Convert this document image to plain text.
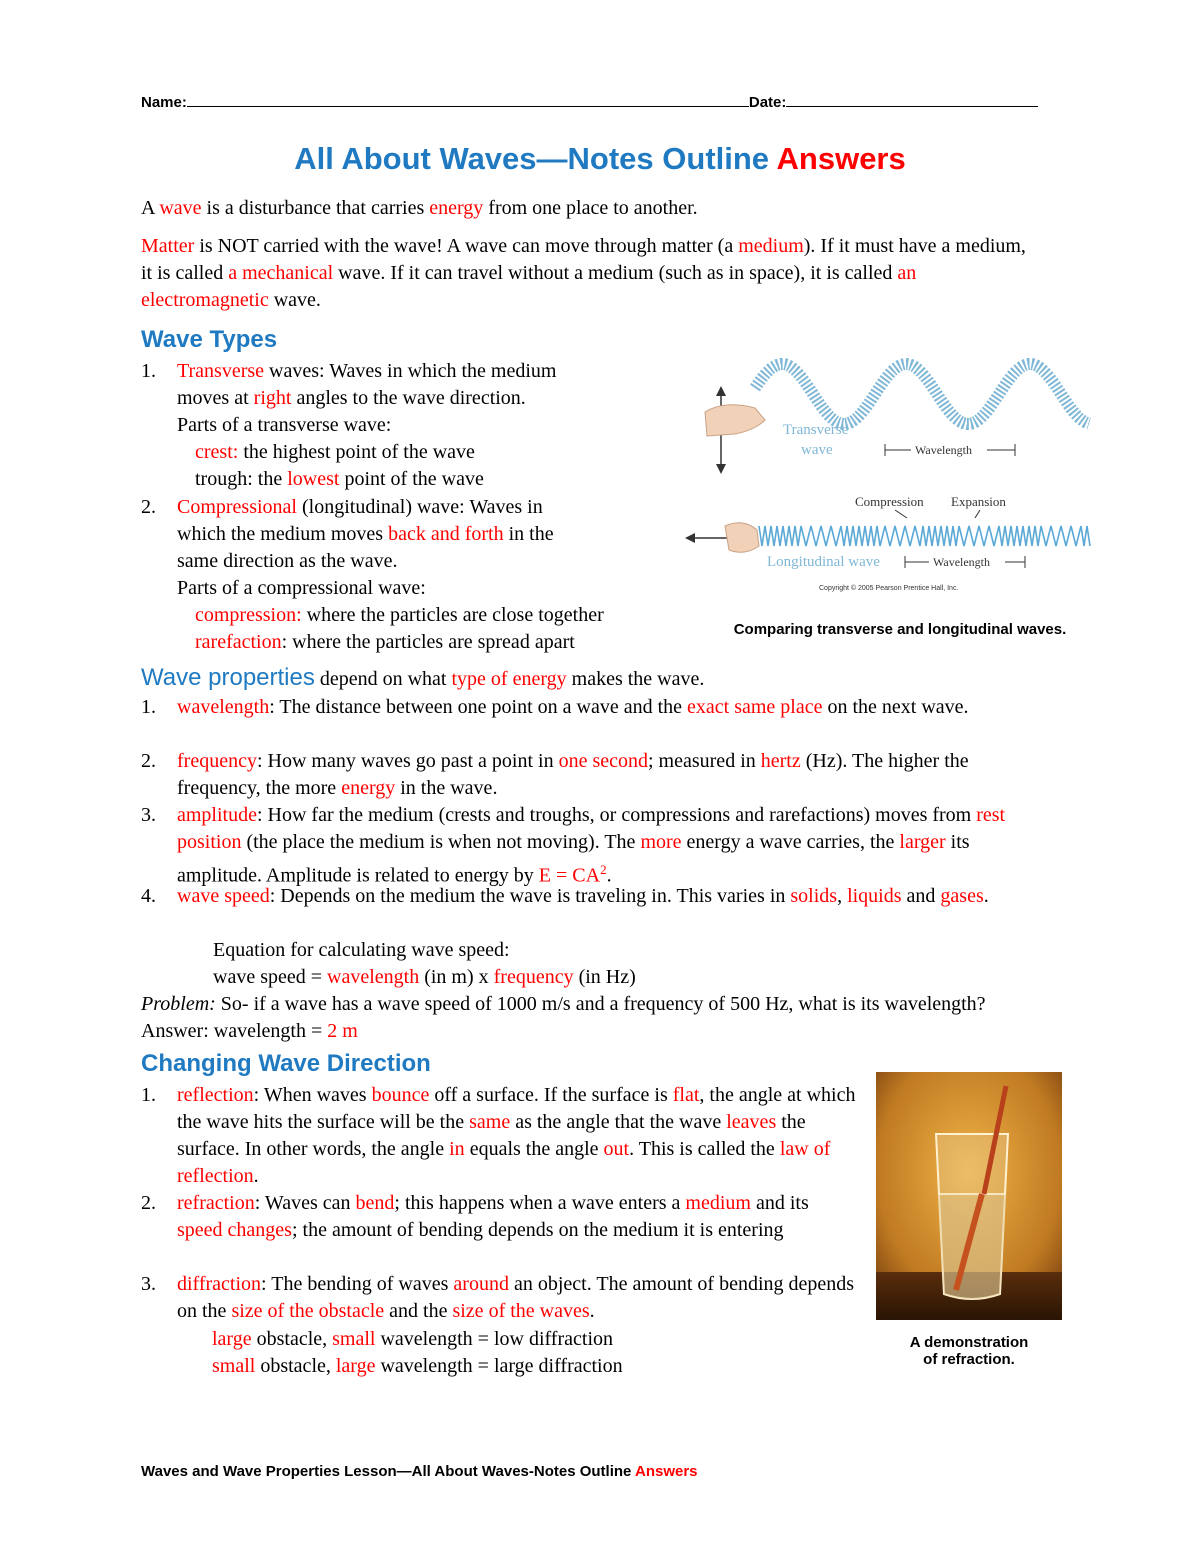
Name:	Date:
All About Waves—Notes Outline Answers

A wave is a disturbance that carries energy from one place to another.

Matter is NOT carried with the wave! A wave can move through matter (a medium). If it must have a medium, it is called a mechanical wave. If it can travel without a medium (such as in space), it is called an electromagnetic wave.

Wave Types
1. Transverse waves: Waves in which the medium
moves at right angles to the wave direction.
Parts of a transverse wave:
crest: the highest point of the wave
trough: the lowest point of the wave
2. Compressional (longitudinal) wave: Waves in
which the medium moves back and forth in the
same direction as the wave.
Parts of a compressional wave:
compression: where the particles are close together
rarefaction: where the particles are spread apart
Transverse
wave	Wavelength
Compression Expansion
Longitudinal wave	Wavelength
Copyright © 2005 Pearson Prentice Hall, Inc.
Comparing transverse and longitudinal waves.
Wave properties depend on what type of energy makes the wave.
1. wavelength: The distance between one point on a wave and the exact same place on the next wave.
2. frequency: How many waves go past a point in one second; measured in hertz (Hz). The higher the frequency, the more energy in the wave.
3. amplitude: How far the medium (crests and troughs, or compressions and rarefactions) moves from rest position (the place the medium is when not moving). The more energy a wave carries, the larger its amplitude. Amplitude is related to energy by $E = CA^2$.
4. wave speed: Depends on the medium the wave is traveling in. This varies in solids, liquids and gases.
Equation for calculating wave speed:
wave speed = wavelength (in m) x frequency (in Hz)

Problem: So- if a wave has a wave speed of 1000 m/s and a frequency of 500 Hz, what is its wavelength? Answer: wavelength = 2 m

Changing Wave Direction
1. reflection: When waves bounce off a surface. If the surface is flat, the angle at which the wave hits the surface will be the same as the angle that the wave leaves the surface. In other words, the angle in equals the angle out. This is called the law of reflection.
2. refraction: Waves can bend; this happens when a wave enters a medium and its speed changes; the amount of bending depends on the medium it is entering
3. diffraction: The bending of waves around an object. The amount of bending depends on the size of the obstacle and the size of the waves.
large obstacle, small wavelength = low diffraction
small obstacle, large wavelength = large diffraction
A demonstration
of refraction.
Waves and Wave Properties Lesson—All About Waves-Notes Outline Answers
